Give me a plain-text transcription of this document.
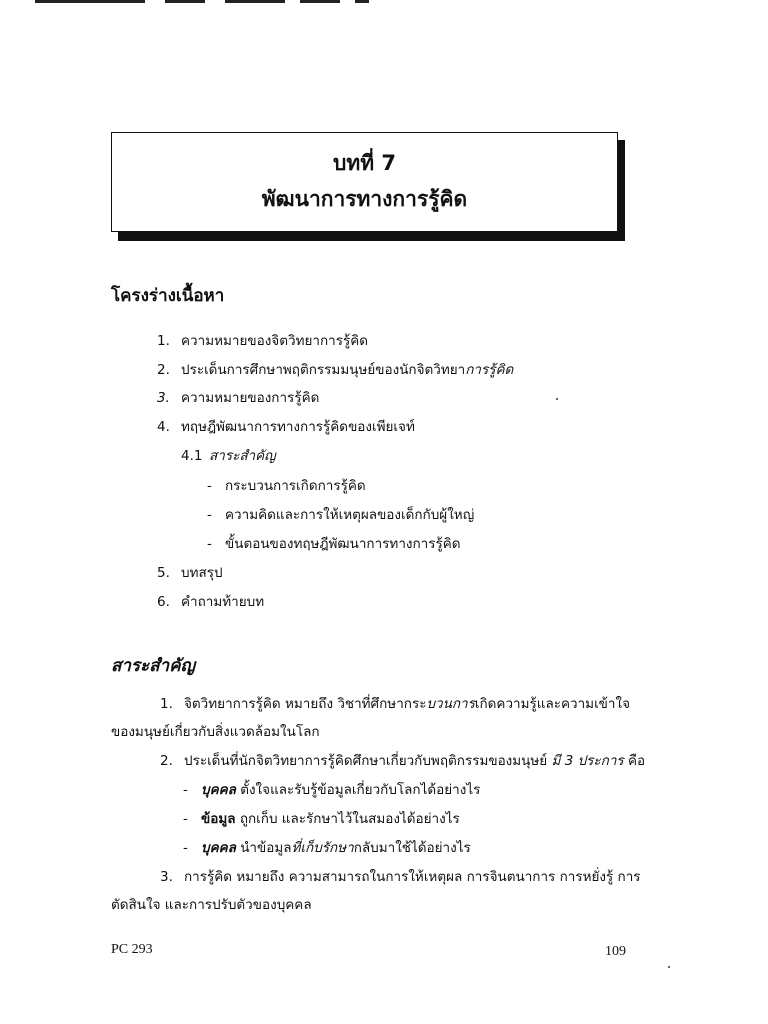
บทที่ 7
พัฒนาการทางการรู้คิด
โครงร่างเนื้อหา
1. ความหมายของจิตวิทยาการรู้คิด
2. ประเด็นการศึกษาพฤติกรรมมนุษย์ของนักจิตวิทยาการรู้คิด
3. ความหมายของการรู้คิด
4. ทฤษฎีพัฒนาการทางการรู้คิดของเพียเจท์
4.1 สาระสำคัญ
- กระบวนการเกิดการรู้คิด
- ความคิดและการให้เหตุผลของเด็กกับผู้ใหญ่
- ขั้นตอนของทฤษฎีพัฒนาการทางการรู้คิด
5. บทสรุป
6. คำถามท้ายบท
สาระสำคัญ
1. จิตวิทยาการรู้คิด หมายถึง วิชาที่ศึกษากระบวนการเกิดความรู้และความเข้าใจ
ของมนุษย์เกี่ยวกับสิ่งแวดล้อมในโลก
2. ประเด็นที่นักจิตวิทยาการรู้คิดศึกษาเกี่ยวกับพฤติกรรมของมนุษย์ มี 3 ประการ คือ
- บุคคล ตั้งใจและรับรู้ข้อมูลเกี่ยวกับโลกได้อย่างไร
- ข้อมูล ถูกเก็บ และรักษาไว้ในสมองได้อย่างไร
- บุคคล นำข้อมูลที่เก็บรักษากลับมาใช้ได้อย่างไร
3. การรู้คิด หมายถึง ความสามารถในการให้เหตุผล การจินตนาการ การหยั่งรู้ การ
ตัดสินใจ และการปรับตัวของบุคคล
PC 293	109
